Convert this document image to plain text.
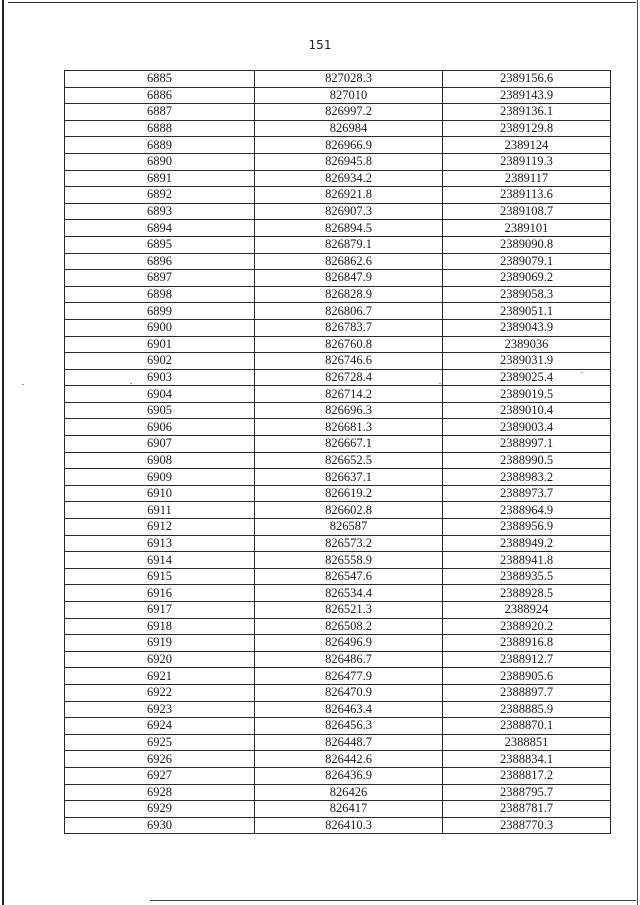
151
6885	827028.3	2389156.6
6886	827010	2389143.9
6887	826997.2	2389136.1
6888	826984	2389129.8
6889	826966.9	2389124
6890	826945.8	2389119.3
6891	826934.2	2389117
6892	826921.8	2389113.6
6893	826907.3	2389108.7
6894	826894.5	2389101
6895	826879.1	2389090.8
6896	826862.6	2389079.1
6897	826847.9	2389069.2
6898	826828.9	2389058.3
6899	826806.7	2389051.1
6900	826783.7	2389043.9
6901	826760.8	2389036
6902	826746.6	2389031.9
6903	826728.4	2389025.4
6904	826714.2	2389019.5
6905	826696.3	2389010.4
6906	826681.3	2389003.4
6907	826667.1	2388997.1
6908	826652.5	2388990.5
6909	826637.1	2388983.2
6910	826619.2	2388973.7
6911	826602.8	2388964.9
6912	826587	2388956.9
6913	826573.2	2388949.2
6914	826558.9	2388941.8
6915	826547.6	2388935.5
6916	826534.4	2388928.5
6917	826521.3	2388924
6918	826508.2	2388920.2
6919	826496.9	2388916.8
6920	826486.7	2388912.7
6921	826477.9	2388905.6
6922	826470.9	2388897.7
6923	826463.4	2388885.9
6924	826456.3	2388870.1
6925	826448.7	2388851
6926	826442.6	2388834.1
6927	826436.9	2388817.2
6928	826426	2388795.7
6929	826417	2388781.7
6930	826410.3	2388770.3
